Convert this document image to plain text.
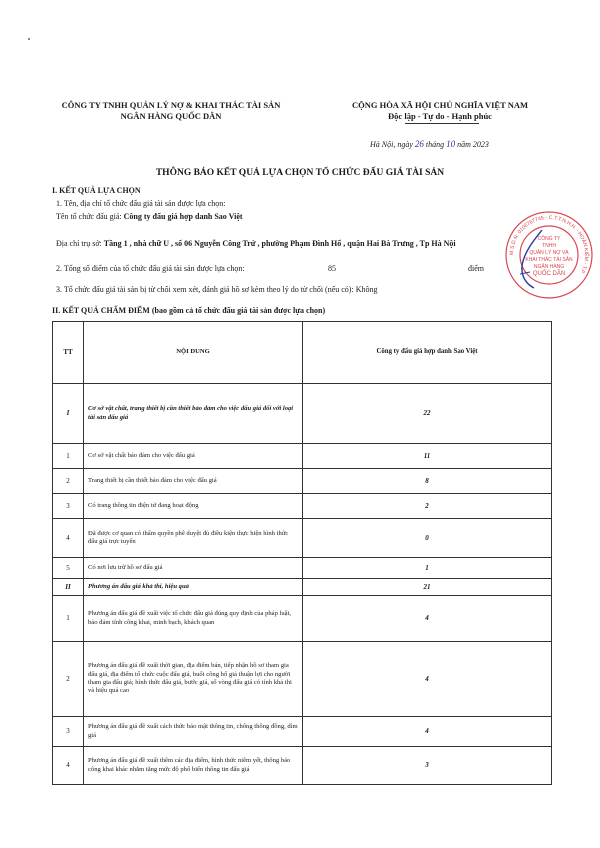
CÔNG TY TNHH QUẢN LÝ NỢ & KHAI THÁC TÀI SẢN
NGÂN HÀNG QUỐC DÂN
CỘNG HÒA XÃ HỘI CHỦ NGHĨA VIỆT NAM
Độc lập - Tự do - Hạnh phúc
Hà Nội, ngày 26 tháng 10 năm 2023
THÔNG BÁO KẾT QUẢ LỰA CHỌN TỔ CHỨC ĐẤU GIÁ TÀI SẢN
I. KẾT QUẢ LỰA CHỌN
1. Tên, địa chỉ tổ chức đấu giá tài sản được lựa chọn:
Tên tổ chức đấu giá: Công ty đấu giá hợp danh Sao Việt
Địa chỉ trụ sở: Tầng 1 , nhà chữ U , số 06 Nguyễn Công Trứ , phường Phạm Đình Hổ , quận Hai Bà Trưng , Tp Hà Nội
2. Tổng số điểm của tổ chức đấu giá tài sản được lựa chọn:	85	điểm
3. Tổ chức đấu giá tài sản bị từ chối xem xét, đánh giá hồ sơ kèm theo lý do từ chối (nếu có): Không
II. KẾT QUẢ CHẤM ĐIỂM (bao gồm cả tổ chức đấu giá tài sản được lựa chọn)
TT	NỘI DUNG	Công ty đấu giá hợp danh Sao Việt
I	Cơ sở vật chất, trang thiết bị cần thiết bảo đảm cho việc đấu giá đối với loại tài sản đấu giá	22
1	Cơ sở vật chất bảo đảm cho việc đấu giá	11
2	Trang thiết bị cần thiết bảo đảm cho việc đấu giá	8
3	Có trang thông tin điện tử đang hoạt động	2
4	Đã được cơ quan có thẩm quyền phê duyệt đủ điều kiện thực hiện hình thức đấu giá trực tuyến	0
5	Có nơi lưu trữ hồ sơ đấu giá	1
II	Phương án đấu giá khả thi, hiệu quả	21
1	Phương án đấu giá đề xuất việc tổ chức đấu giá đúng quy định của pháp luật, bảo đảm tính công khai, minh bạch, khách quan	4
2	Phương án đấu giá đề xuất thời gian, địa điểm bán, tiếp nhận hồ sơ tham gia đấu giá, địa điểm tổ chức cuộc đấu giá, buổi công bố giá thuận lợi cho người tham gia đấu giá; hình thức đấu giá, bước giá, số vòng đấu giá có tính khả thi và hiệu quả cao	4
3	Phương án đấu giá đề xuất cách thức bảo mật thông tin, chống thông đồng, dìm giá	4
4	Phương án đấu giá đề xuất thêm các địa điểm, hình thức niêm yết, thông báo công khai khác nhằm tăng mức độ phổ biến thông tin đấu giá	3
M.S.D.N: 0106767745 - C.T.T.N.H.H. - HOÀN KIẾM - T.P
CÔNG TY
TNHH
QUẢN LÝ NỢ VÀ
KHAI THÁC TÀI SẢN
NGÂN HÀNG
QUỐC DÂN
